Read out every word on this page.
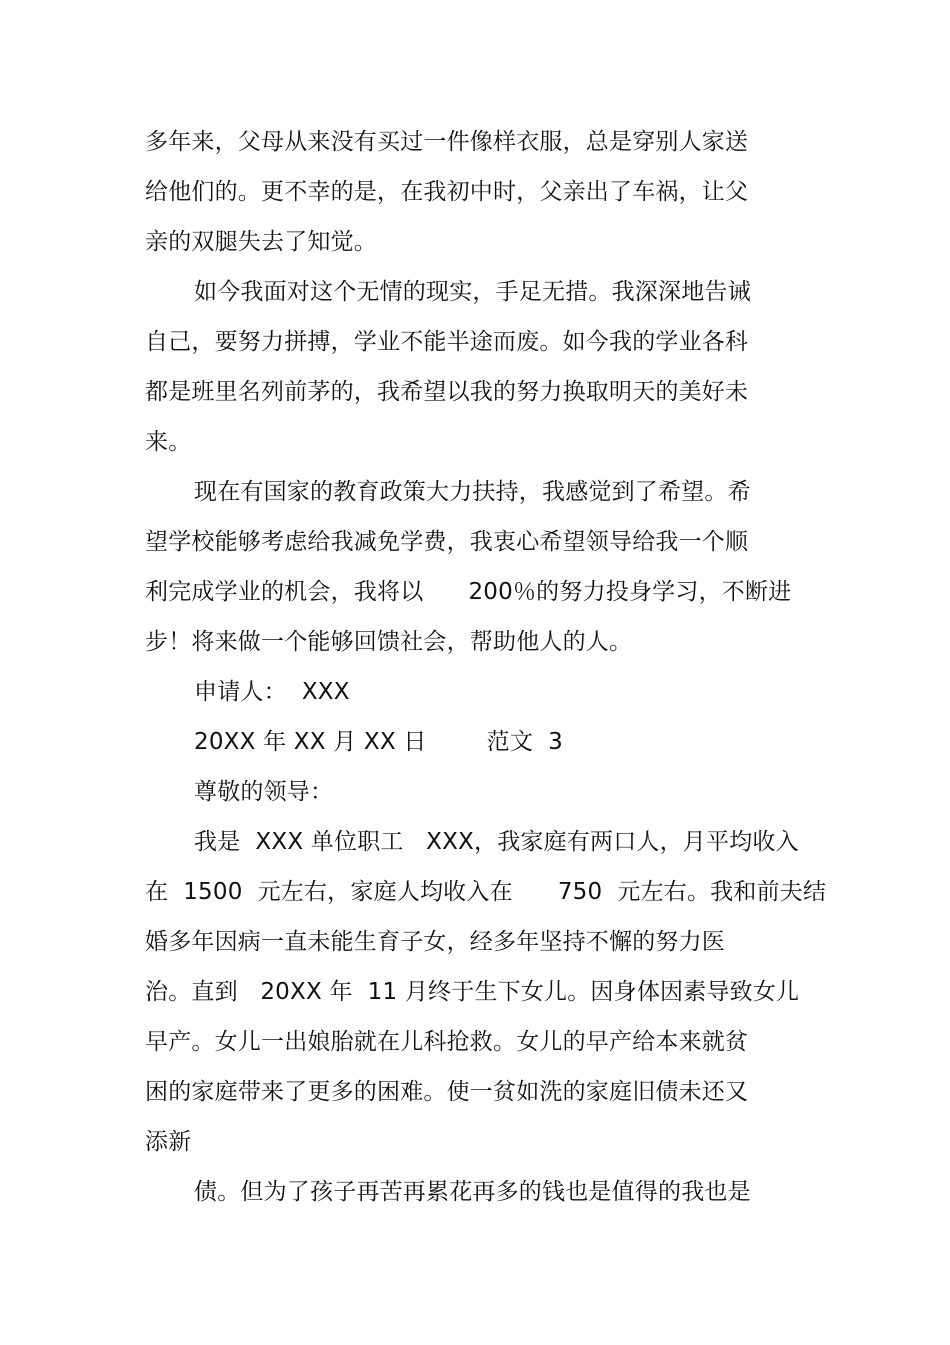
多年来，父母从来没有买过一件像样衣服，总是穿别人家送
给他们的。更不幸的是，在我初中时，父亲出了车祸，让父
亲的双腿失去了知觉。
如今我面对这个无情的现实，手足无措。我深深地告诫
自己，要努力拼搏，学业不能半途而废。如今我的学业各科
都是班里名列前茅的，我希望以我的努力换取明天的美好未
来。
现在有国家的教育政策大力扶持，我感觉到了希望。希
望学校能够考虑给我减免学费，我衷心希望领导给我一个顺
利完成学业的机会，我将以      200％的努力投身学习，不断进
步！将来做一个能够回馈社会，帮助他人的人。
申请人：  XXX
20XX 年 XX 月 XX 日        范文  3
尊敬的领导：
我是  XXX 单位职工   XXX，我家庭有两口人，月平均收入
在  1500  元左右，家庭人均收入在      750  元左右。我和前夫结
婚多年因病一直未能生育子女，经多年坚持不懈的努力医
治。直到   20XX 年  11 月终于生下女儿。因身体因素导致女儿
早产。女儿一出娘胎就在儿科抢救。女儿的早产给本来就贫
困的家庭带来了更多的困难。使一贫如洗的家庭旧债未还又
添新
债。但为了孩子再苦再累花再多的钱也是值得的我也是
